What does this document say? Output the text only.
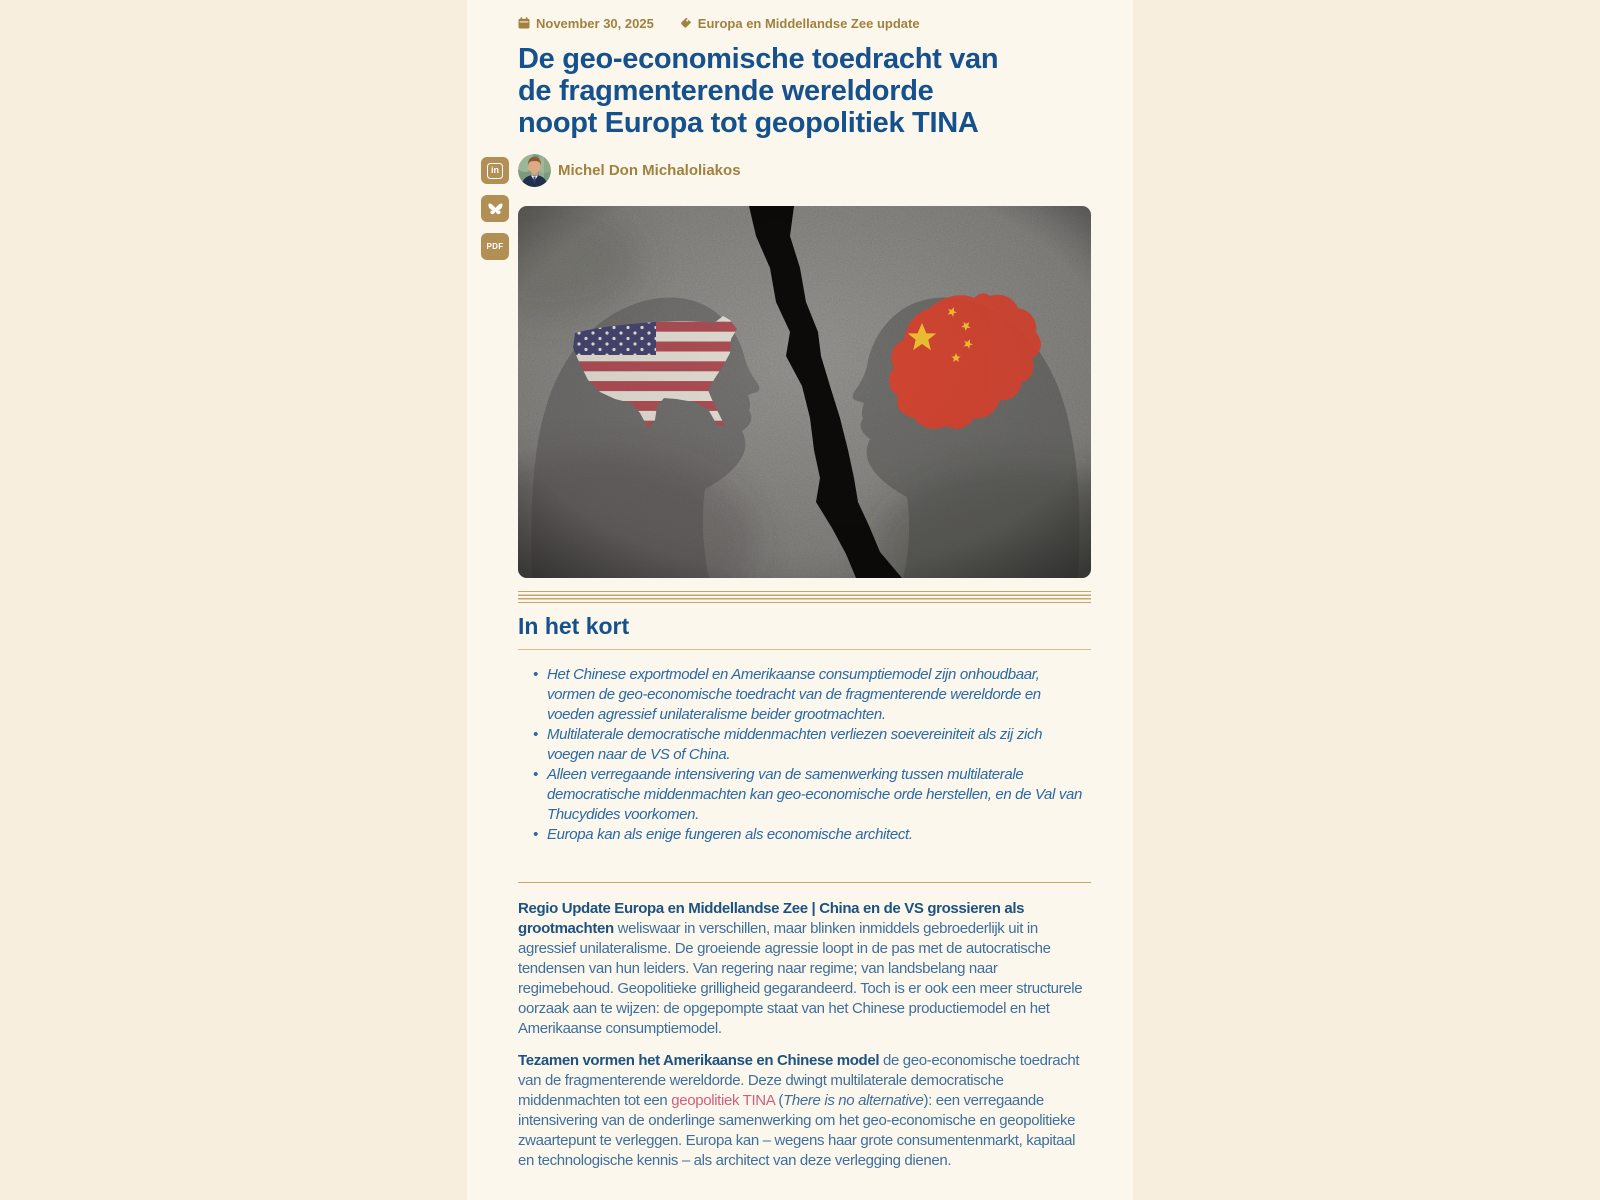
in
PDF
November 30, 2025	Europa en Middellandse Zee update
De geo-economische toedracht van
de fragmenterende wereldorde
noopt Europa tot geopolitiek TINA
Michel Don Michaloliakos
In het kort
• Het Chinese exportmodel en Amerikaanse consumptiemodel zijn onhoudbaar, vormen de geo-economische toedracht van de fragmenterende wereldorde en voeden agressief unilateralisme beider grootmachten.
• Multilaterale democratische middenmachten verliezen soevereiniteit als zij zich voegen naar de VS of China.
• Alleen verregaande intensivering van de samenwerking tussen multilaterale democratische middenmachten kan geo-economische orde herstellen, en de Val van Thucydides voorkomen.
• Europa kan als enige fungeren als economische architect.

Regio Update Europa en Middellandse Zee | China en de VS grossieren als grootmachten weliswaar in verschillen, maar blinken inmiddels gebroederlijk uit in agressief unilateralisme. De groeiende agressie loopt in de pas met de autocratische tendensen van hun leiders. Van regering naar regime; van landsbelang naar regimebehoud. Geopolitieke grilligheid gegarandeerd. Toch is er ook een meer structurele oorzaak aan te wijzen: de opgepompte staat van het Chinese productiemodel en het Amerikaanse consumptiemodel.

Tezamen vormen het Amerikaanse en Chinese model de geo-economische toedracht van de fragmenterende wereldorde. Deze dwingt multilaterale democratische middenmachten tot een geopolitiek TINA (There is no alternative): een verregaande intensivering van de onderlinge samenwerking om het geo-economische en geopolitieke zwaartepunt te verleggen. Europa kan – wegens haar grote consumentenmarkt, kapitaal en technologische kennis – als architect van deze verlegging dienen.
